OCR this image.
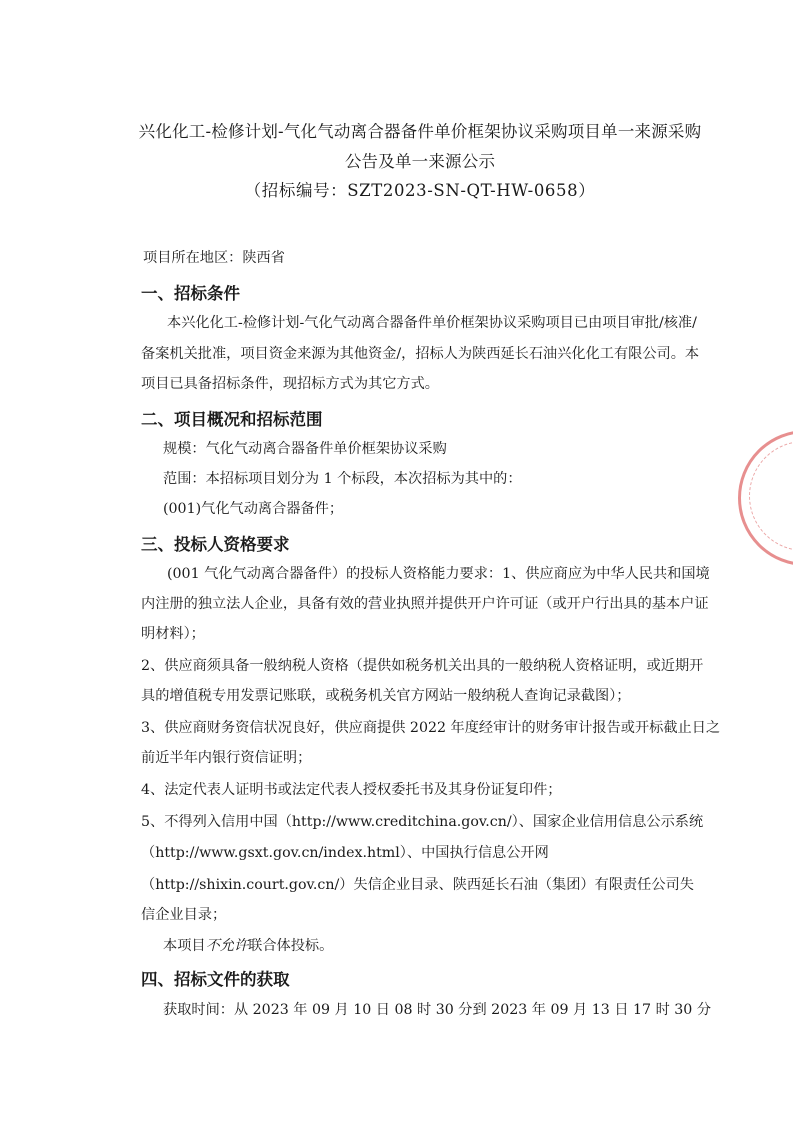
兴化化工-检修计划-气化气动离合器备件单价框架协议采购项目单一来源采购
公告及单一来源公示
（招标编号：SZT2023-SN-QT-HW-0658）
项目所在地区：陕西省
一、招标条件
本兴化化工-检修计划-气化气动离合器备件单价框架协议采购项目已由项目审批/核准/
备案机关批准，项目资金来源为其他资金/，招标人为陕西延长石油兴化化工有限公司。本
项目已具备招标条件，现招标方式为其它方式。
二、项目概况和招标范围
规模：气化气动离合器备件单价框架协议采购
范围：本招标项目划分为 1 个标段，本次招标为其中的：
(001)气化气动离合器备件；
三、投标人资格要求
(001 气化气动离合器备件）的投标人资格能力要求：1、供应商应为中华人民共和国境
内注册的独立法人企业，具备有效的营业执照并提供开户许可证（或开户行出具的基本户证
明材料）；
2、供应商须具备一般纳税人资格（提供如税务机关出具的一般纳税人资格证明，或近期开
具的增值税专用发票记账联，或税务机关官方网站一般纳税人查询记录截图）；
3、供应商财务资信状况良好，供应商提供 2022 年度经审计的财务审计报告或开标截止日之
前近半年内银行资信证明；
4、法定代表人证明书或法定代表人授权委托书及其身份证复印件；
5、不得列入信用中国（http://www.creditchina.gov.cn/）、国家企业信用信息公示系统
（http://www.gsxt.gov.cn/index.html）、中国执行信息公开网
（http://shixin.court.gov.cn/）失信企业目录、陕西延长石油（集团）有限责任公司失
信企业目录；
本项目不允许联合体投标。
四、招标文件的获取
获取时间：从 2023 年 09 月 10 日 08 时 30 分到 2023 年 09 月 13 日 17 时 30 分
